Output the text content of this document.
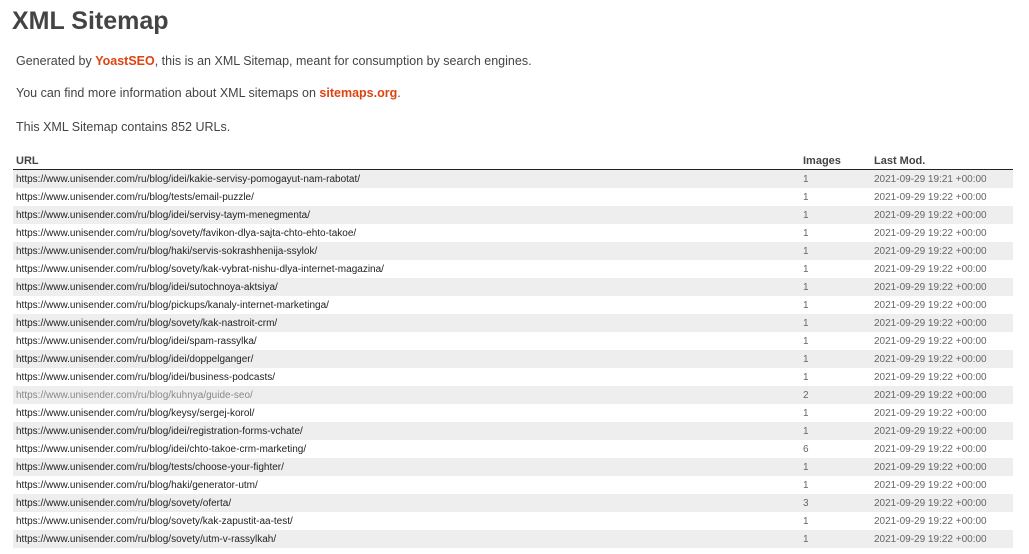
XML Sitemap

Generated by YoastSEO, this is an XML Sitemap, meant for consumption by search engines.

You can find more information about XML sitemaps on sitemaps.org.

This XML Sitemap contains 852 URLs.

URL	Images	Last Mod.
https://www.unisender.com/ru/blog/idei/kakie-servisy-pomogayut-nam-rabotat/	1	2021-09-29 19:21 +00:00
https://www.unisender.com/ru/blog/tests/email-puzzle/	1	2021-09-29 19:22 +00:00
https://www.unisender.com/ru/blog/idei/servisy-taym-menegmenta/	1	2021-09-29 19:22 +00:00
https://www.unisender.com/ru/blog/sovety/favikon-dlya-sajta-chto-ehto-takoe/	1	2021-09-29 19:22 +00:00
https://www.unisender.com/ru/blog/haki/servis-sokrashhenija-ssylok/	1	2021-09-29 19:22 +00:00
https://www.unisender.com/ru/blog/sovety/kak-vybrat-nishu-dlya-internet-magazina/	1	2021-09-29 19:22 +00:00
https://www.unisender.com/ru/blog/idei/sutochnoya-aktsiya/	1	2021-09-29 19:22 +00:00
https://www.unisender.com/ru/blog/pickups/kanaly-internet-marketinga/	1	2021-09-29 19:22 +00:00
https://www.unisender.com/ru/blog/sovety/kak-nastroit-crm/	1	2021-09-29 19:22 +00:00
https://www.unisender.com/ru/blog/idei/spam-rassylka/	1	2021-09-29 19:22 +00:00
https://www.unisender.com/ru/blog/idei/doppelganger/	1	2021-09-29 19:22 +00:00
https://www.unisender.com/ru/blog/idei/business-podcasts/	1	2021-09-29 19:22 +00:00
https://www.unisender.com/ru/blog/kuhnya/guide-seo/	2	2021-09-29 19:22 +00:00
https://www.unisender.com/ru/blog/keysy/sergej-korol/	1	2021-09-29 19:22 +00:00
https://www.unisender.com/ru/blog/idei/registration-forms-vchate/	1	2021-09-29 19:22 +00:00
https://www.unisender.com/ru/blog/idei/chto-takoe-crm-marketing/	6	2021-09-29 19:22 +00:00
https://www.unisender.com/ru/blog/tests/choose-your-fighter/	1	2021-09-29 19:22 +00:00
https://www.unisender.com/ru/blog/haki/generator-utm/	1	2021-09-29 19:22 +00:00
https://www.unisender.com/ru/blog/sovety/oferta/	3	2021-09-29 19:22 +00:00
https://www.unisender.com/ru/blog/sovety/kak-zapustit-aa-test/	1	2021-09-29 19:22 +00:00
https://www.unisender.com/ru/blog/sovety/utm-v-rassylkah/	1	2021-09-29 19:22 +00:00
